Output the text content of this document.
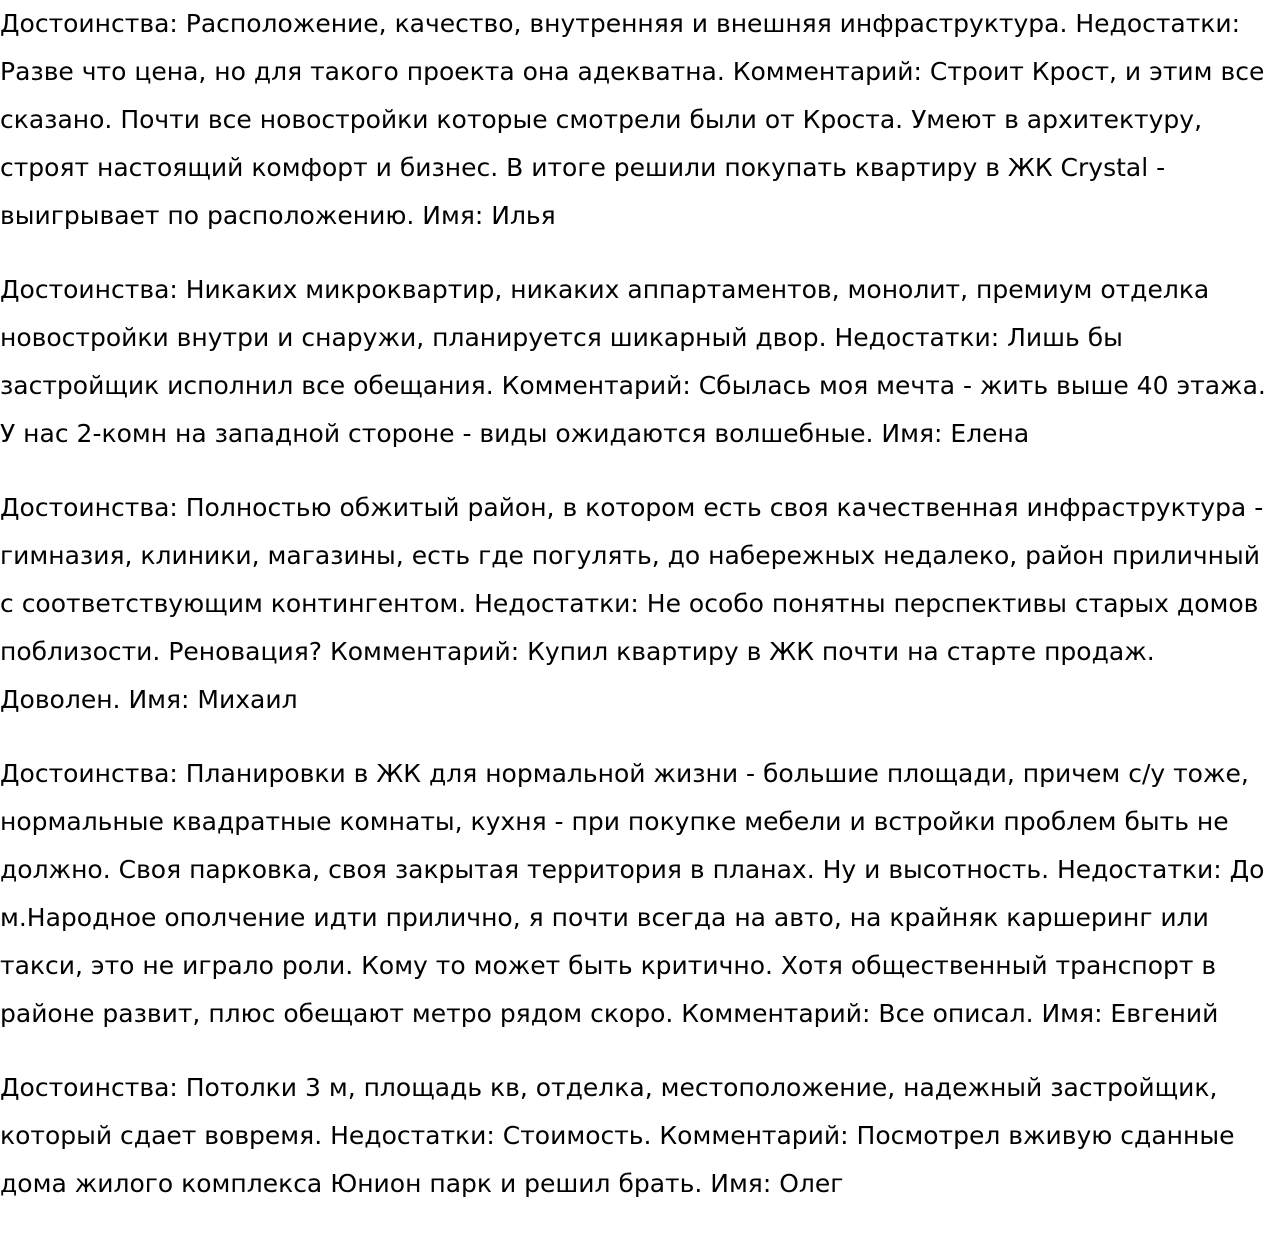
Достоинства: Расположение, качество, внутренняя и внешняя инфраструктура. Недостатки: Разве что цена, но для такого проекта она адекватна. Комментарий: Строит Крост, и этим все сказано. Почти все новостройки которые смотрели были от Кроста. Умеют в архитектуру, строят настоящий комфорт и бизнес. В итоге решили покупать квартиру в ЖК Crystal - выигрывает по расположению. Имя: Илья

Достоинства: Никаких микроквартир, никаких аппартаментов, монолит, премиум отделка новостройки внутри и снаружи, планируется шикарный двор. Недостатки: Лишь бы застройщик исполнил все обещания. Комментарий: Сбылась моя мечта - жить выше 40 этажа. У нас 2-комн на западной стороне - виды ожидаются волшебные. Имя: Елена

Достоинства: Полностью обжитый район, в котором есть своя качественная инфраструктура - гимназия, клиники, магазины, есть где погулять, до набережных недалеко, район приличный с соответствующим контингентом. Недостатки: Не особо понятны перспективы старых домов поблизости. Реновация? Комментарий: Купил квартиру в ЖК почти на старте продаж. Доволен. Имя: Михаил

Достоинства: Планировки в ЖК для нормальной жизни - большие площади, причем с/у тоже, нормальные квадратные комнаты, кухня - при покупке мебели и встройки проблем быть не должно. Своя парковка, своя закрытая территория в планах. Ну и высотность. Недостатки: До м.Народное ополчение идти прилично, я почти всегда на авто, на крайняк каршеринг или такси, это не играло роли. Кому то может быть критично. Хотя общественный транспорт в районе развит, плюс обещают метро рядом скоро. Комментарий: Все описал. Имя: Евгений

Достоинства: Потолки 3 м, площадь кв, отделка, местоположение, надежный застройщик, который сдает вовремя. Недостатки: Стоимость. Комментарий: Посмотрел вживую сданные дома жилого комплекса Юнион парк и решил брать. Имя: Олег
